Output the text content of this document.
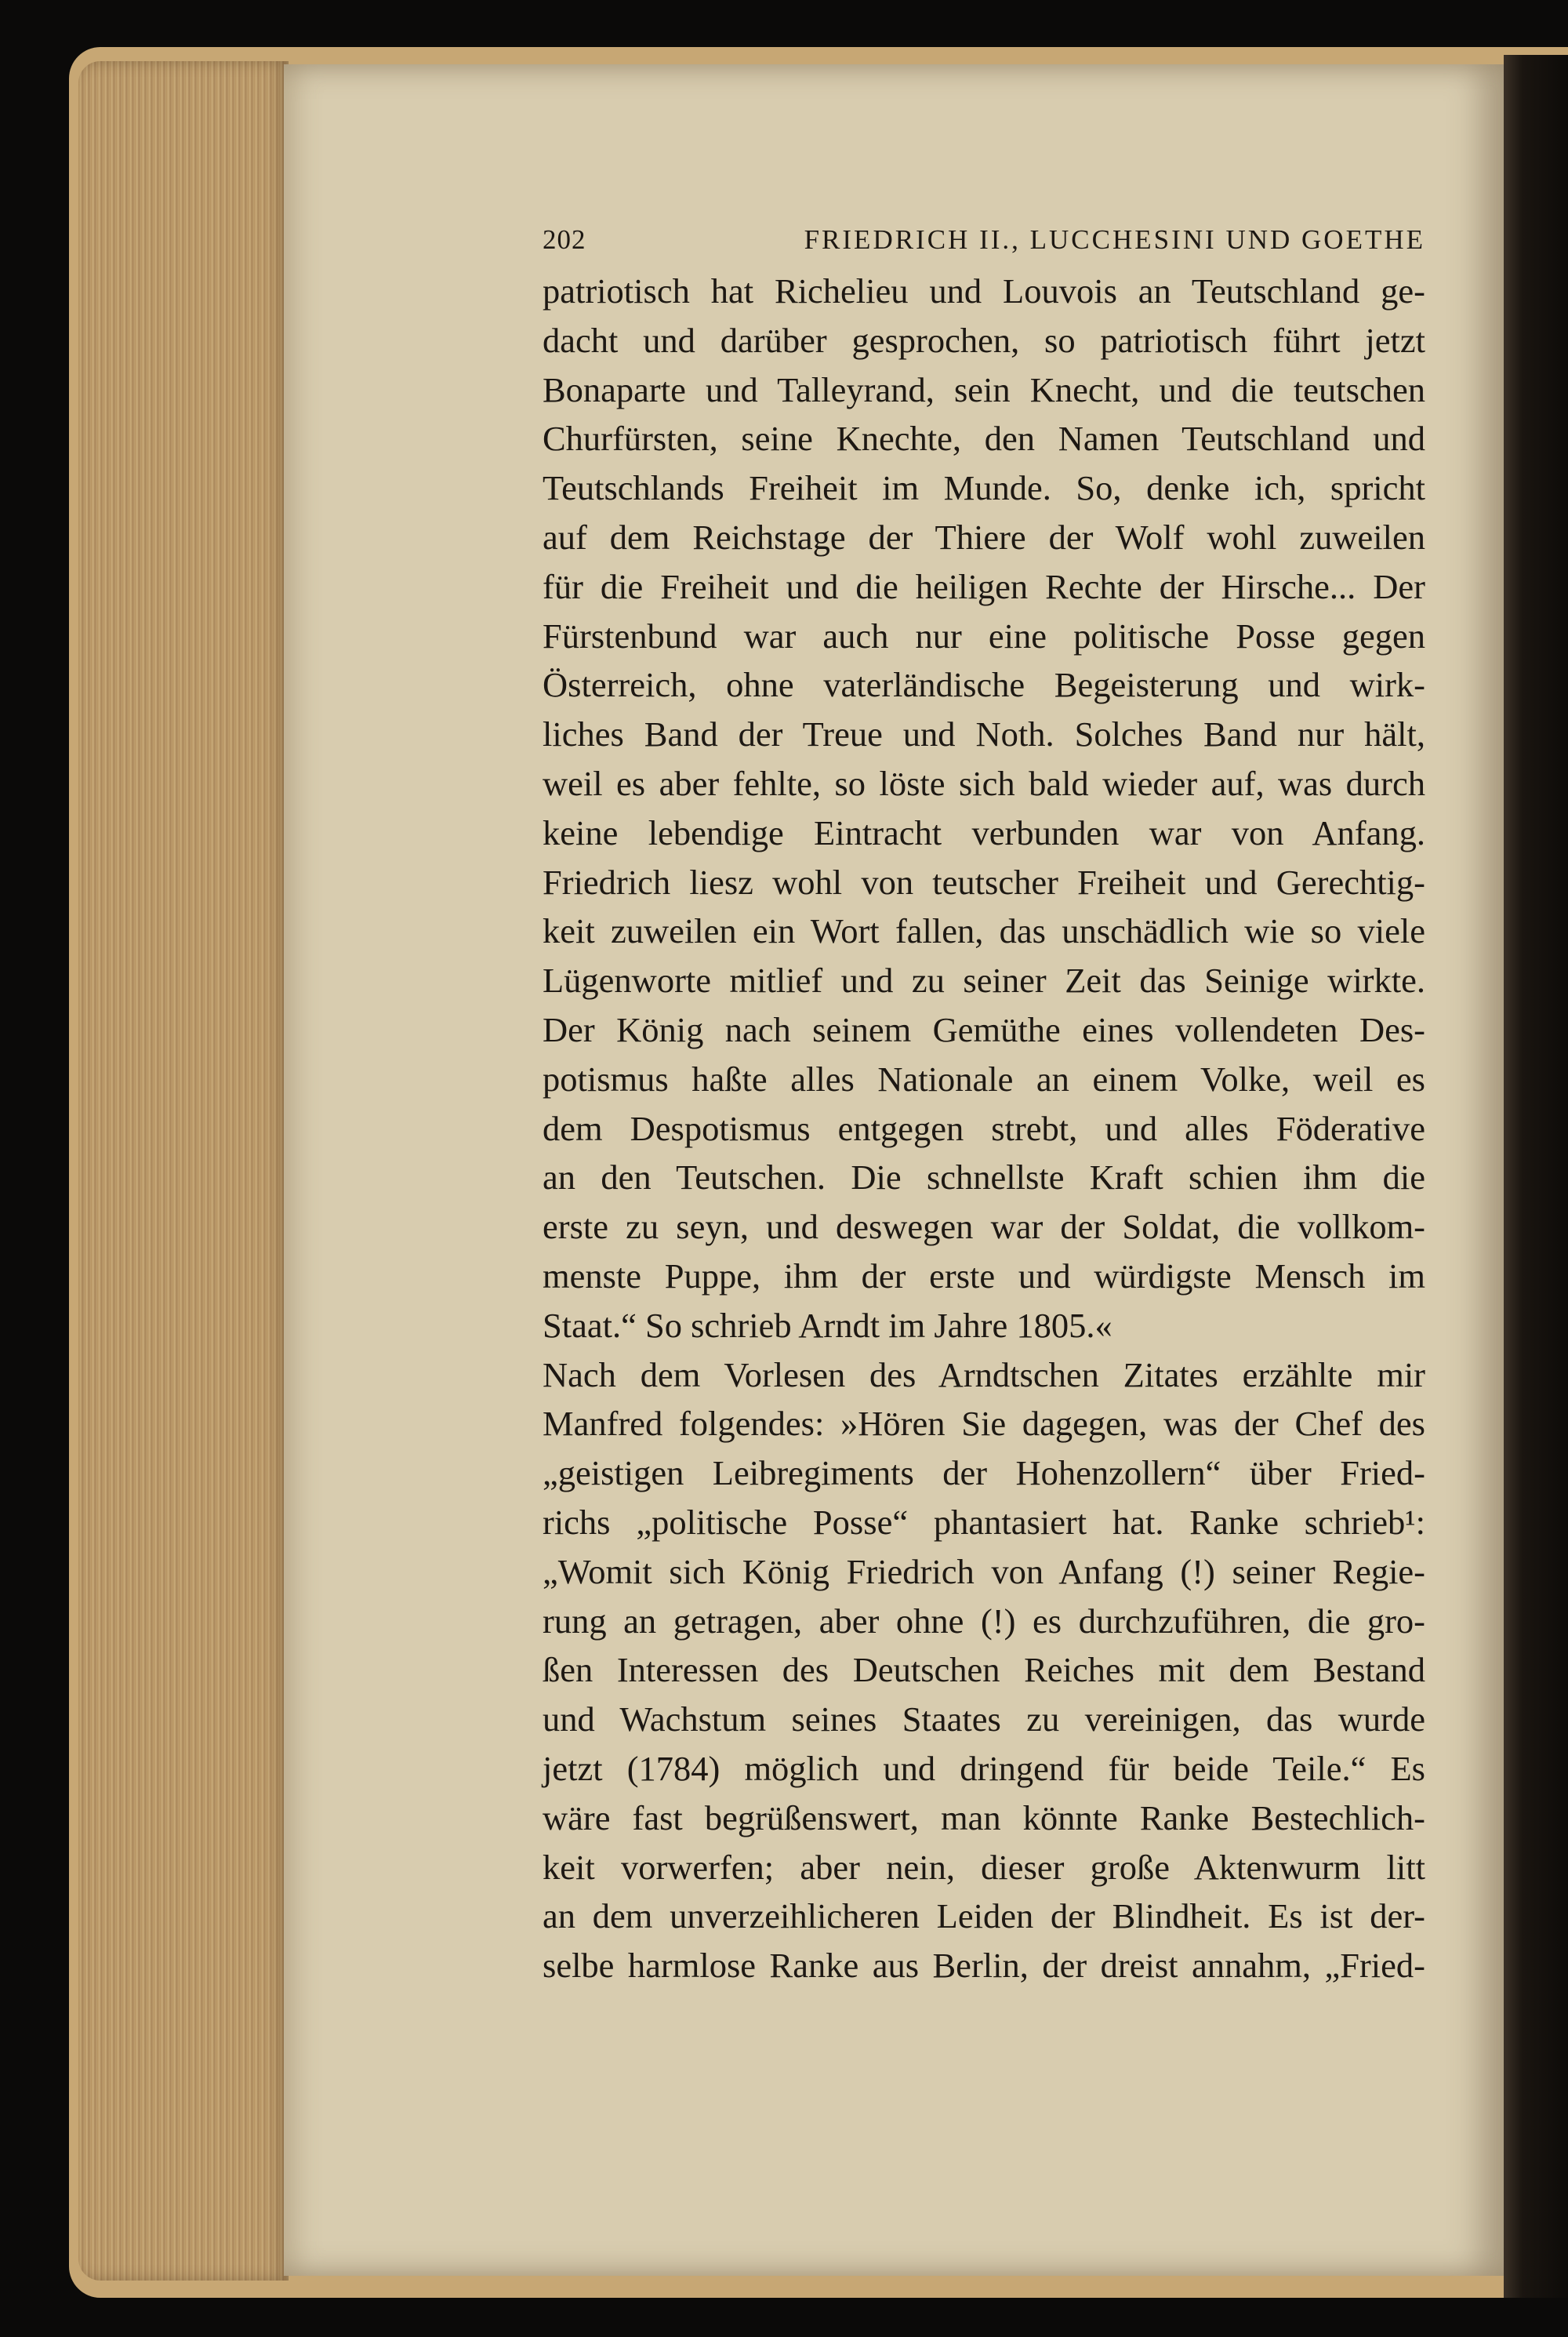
202	FRIEDRICH II., LUCCHESINI UND GOETHE
patriotisch hat Richelieu und Louvois an Teutschland ge-
dacht und darüber gesprochen, so patriotisch führt jetzt
Bonaparte und Talleyrand, sein Knecht, und die teutschen
Churfürsten, seine Knechte, den Namen Teutschland und
Teutschlands Freiheit im Munde. So, denke ich, spricht
auf dem Reichstage der Thiere der Wolf wohl zuweilen
für die Freiheit und die heiligen Rechte der Hirsche... Der
Fürstenbund war auch nur eine politische Posse gegen
Österreich, ohne vaterländische Begeisterung und wirk-
liches Band der Treue und Noth. Solches Band nur hält,
weil es aber fehlte, so löste sich bald wieder auf, was durch
keine lebendige Eintracht verbunden war von Anfang.
Friedrich liesz wohl von teutscher Freiheit und Gerechtig-
keit zuweilen ein Wort fallen, das unschädlich wie so viele
Lügenworte mitlief und zu seiner Zeit das Seinige wirkte.
Der König nach seinem Gemüthe eines vollendeten Des-
potismus haßte alles Nationale an einem Volke, weil es
dem Despotismus entgegen strebt, und alles Föderative
an den Teutschen. Die schnellste Kraft schien ihm die
erste zu seyn, und deswegen war der Soldat, die vollkom-
menste Puppe, ihm der erste und würdigste Mensch im
Staat.“ So schrieb Arndt im Jahre 1805.«
Nach dem Vorlesen des Arndtschen Zitates erzählte mir
Manfred folgendes: »Hören Sie dagegen, was der Chef des
„geistigen Leibregiments der Hohenzollern“ über Fried-
richs „politische Posse“ phantasiert hat. Ranke schrieb¹:
„Womit sich König Friedrich von Anfang (!) seiner Regie-
rung an getragen, aber ohne (!) es durchzuführen, die gro-
ßen Interessen des Deutschen Reiches mit dem Bestand
und Wachstum seines Staates zu vereinigen, das wurde
jetzt (1784) möglich und dringend für beide Teile.“ Es
wäre fast begrüßenswert, man könnte Ranke Bestechlich-
keit vorwerfen; aber nein, dieser große Aktenwurm litt
an dem unverzeihlicheren Leiden der Blindheit. Es ist der-
selbe harmlose Ranke aus Berlin, der dreist annahm, „Fried-
